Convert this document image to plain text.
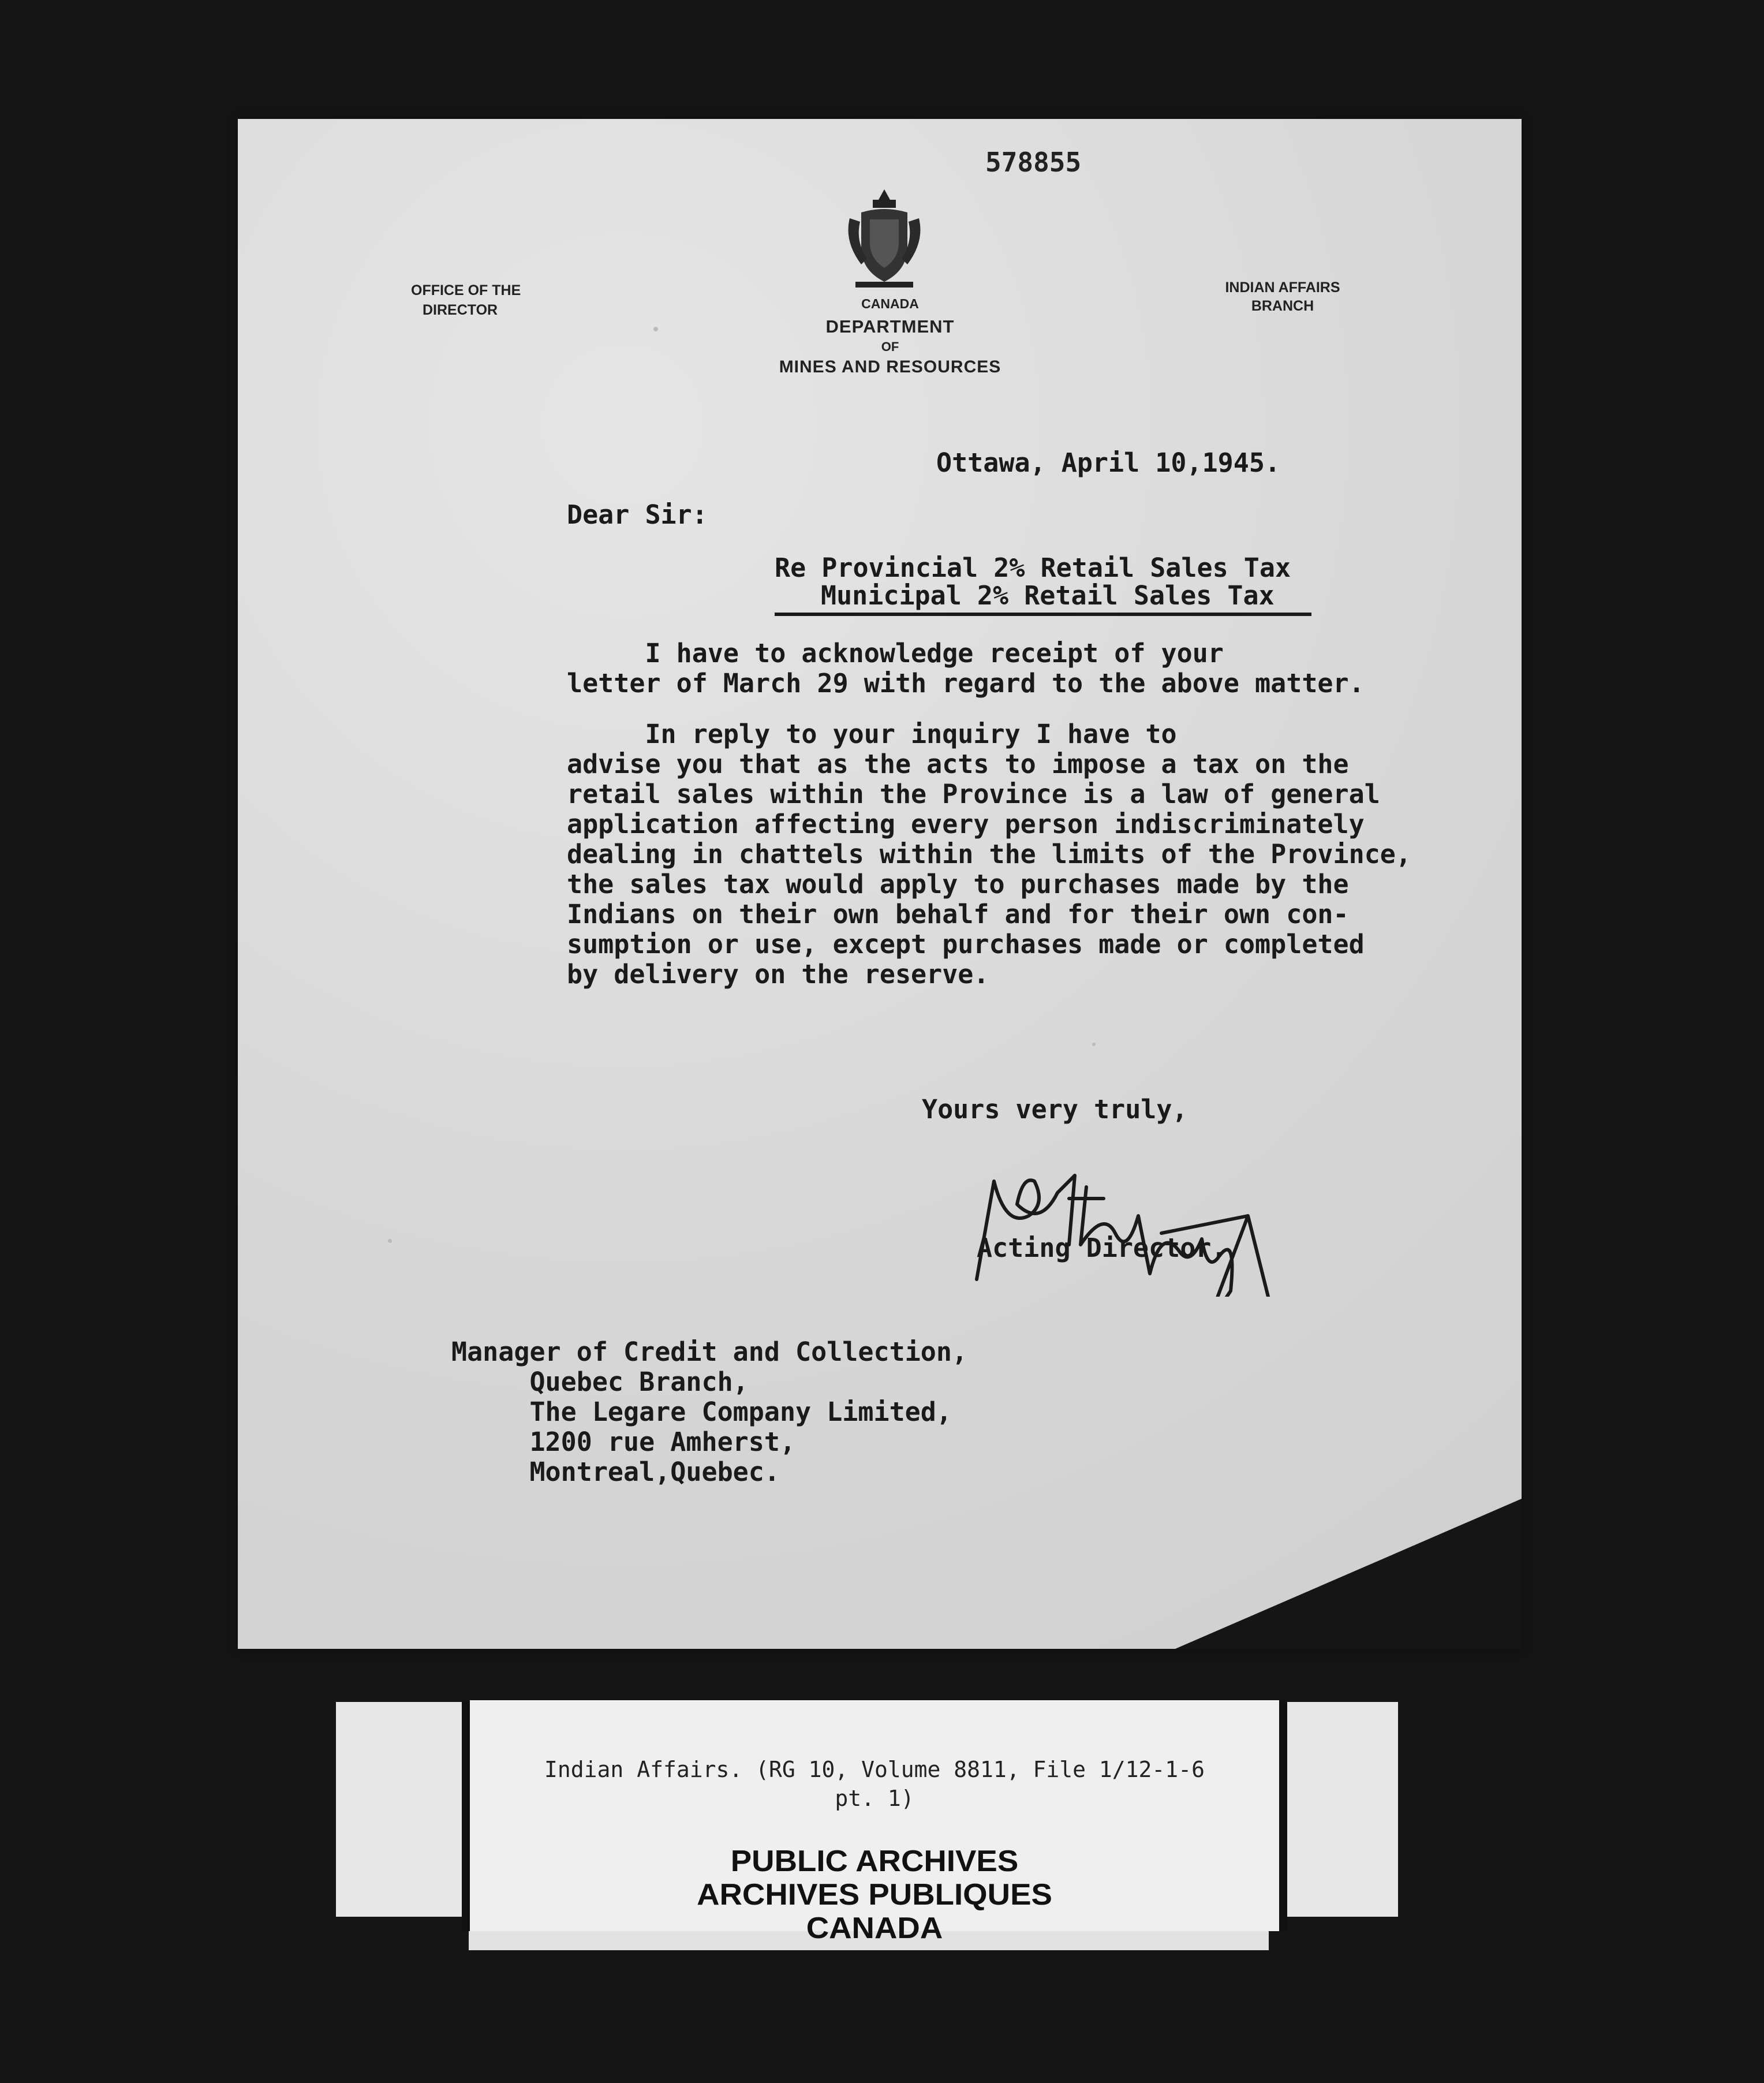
578855
OFFICE OF THE
DIRECTOR	CANADA
DEPARTMENT
OF
MINES AND RESOURCES
INDIAN AFFAIRS
BRANCH
Ottawa, April 10,1945.
Dear Sir:
Re Provincial 2% Retail Sales Tax
Municipal 2% Retail Sales Tax
I have to acknowledge receipt of your
letter of March 29 with regard to the above matter.
In reply to your inquiry I have to
advise you that as the acts to impose a tax on the
retail sales within the Province is a law of general
application affecting every person indiscriminately
dealing in chattels within the limits of the Province,
the sales tax would apply to purchases made by the
Indians on their own behalf and for their own con-
sumption or use, except purchases made or completed
by delivery on the reserve.
Yours very truly,
Acting Director.
Manager of Credit and Collection,
Quebec Branch,
The Legare Company Limited,
1200 rue Amherst,
Montreal,Quebec.
Indian Affairs. (RG 10, Volume 8811, File 1/12-1-6
pt. 1)
PUBLIC ARCHIVES
ARCHIVES PUBLIQUES
CANADA
